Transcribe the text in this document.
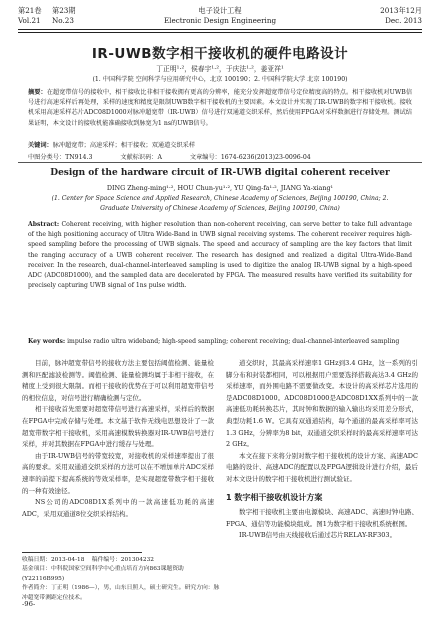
第21卷 第23期	电子设计工程	2013年12月
Vol.21 No.23	Electronic Design Engineering	Dec. 2013
IR-UWB数字相干接收机的硬件电路设计
丁正明¹·²，侯春宇¹·²，于庆法¹·²，姜亚祥¹
(1. 中国科学院 空间科学与应用研究中心，北京 100190；2. 中国科学院大学 北京 100190)
摘要：在超宽带信号的接收中，相干接收比非相干接收拥有更高的分辨率，能充分发挥超宽带信号定位精度高的特点。相干接收机对UWB信号进行高速采样后再处理，采样的速度和精度是限制UWB数字相干接收机的主要因素。本文设计并实现了IR-UWB的数字相干接收机。接收机采用高速采样芯片ADC08D1000对脉冲超宽带（IR-UWB）信号进行双通道交织采样，然后使用FPGA对采样数据进行存储处理。测试结果证明，本文设计的接收机能准确接收到脉宽为1 ns的UWB信号。
关键词：脉冲超宽带；高速采样；相干接收；双通道交织采样
中图分类号：TN914.3	文献标识码：A	文章编号：1674-6236(2013)23-0096-04
Design of the hardware circuit of IR-UWB digital coherent receiver
DING Zheng-ming¹·², HOU Chun-yu¹·², YU Qing-fa¹·², JIANG Ya-xiang¹
(1. Center for Space Science and Applied Research, Chinese Academy of Sciences, Beijing 100190, China; 2. Graduate University of Chinese Academy of Sciences, Beijing 100190, China)
Abstract: Coherent receiving, with higher resolution than non-coherent receiving, can serve better to take full advantage of the high positioning accuracy of Ultra Wide-Band in UWB signal receiving systems. The coherent receiver requires high-speed sampling before the processing of UWB signals. The speed and accuracy of sampling are the key factors that limit the ranging accuracy of a UWB coherent receiver. The research has designed and realized a digital Ultra-Wide-Band receiver. In the research, dual-channel-interleaved sampling is used to digitize the analog IR-UWB signal by a high-speed ADC (ADC08D1000), and the sampled data are decelerated by FPGA. The measured results have verified its suitability for precisely capturing UWB signal of 1ns pulse width.
Key words: impulse radio ultra wideband; high-speed sampling; coherent receiving; dual-channel-interleaved sampling

目前，脉冲超宽带信号的接收方法主要包括阈值检测、能量检测和匹配滤波检测等。阈值检测、能量检测均属于非相干接收，在精度上受到很大限制。而相干接收的优势在于可以利用超宽带信号的相位信息，对信号进行精确检测与定位。

相干接收首先需要对超宽带信号进行高速采样，采样后的数据在FPGA中完成存储与处理。本文基于软件无线电思想设计了一款超宽带数字相干接收机，采用高速模数转换器对IR-UWB信号进行采样，并对其数据在FPGA中进行缓存与处理。

由于IR-UWB信号的带宽较宽，对接收机的采样速率提出了很高的要求。采用双通道交织采样的方法可以在不增加单片ADC采样速率的前提下提高系统的等效采样率，是实现超宽带数字相干接收的一种有效途径。

NS公司的ADC08D1X系列中的一款高速低功耗的高速ADC，采用双通道8位交织采样结构。

道交织时，其最高采样速率1 GHz到3.4 GHz，这一系列的引脚分布和封装都相同，可以根据用户需要选择搭载高达3.4 GHz的采样速率，而外围电路不需要做改变。本设计的高采样芯片选用的是ADC08D1000。ADC08D1000是ADC08D1XX系列中的一款高速低功耗转换芯片，其时钟和数据的输入输出均采用差分形式，典型功耗1.6 W。它具有双通道结构，每个通道的最高采样率可达1.3 GHz，分辨率为8 bit，双通道交织采样时的最高采样速率可达2 GHz。

本文在接下来将分别对数字相干接收机的设计方案、高速ADC电路的设计、高速ADC的配置以及FPGA逻辑设计进行介绍，最后对本文设计的数字相干接收机进行测试验证。

1 数字相干接收机设计方案

数字相干接收机主要由电源模块、高速ADC、高速时钟电路、FPGA、通信等功能模块组成。图1为数字相干接收机系统框图。

IR-UWB信号由天线接收后通过芯片RELAY-RF303。

收稿日期：2013-04-18 稿件编号：201304232
基金项目：中科院国家空间科学中心重点培育方向863课题资助(Y22116B995)
作者简介：丁正明（1986—），男，山东日照人，硕士研究生。研究方向：脉冲超宽带测距定位技术。
-96-
